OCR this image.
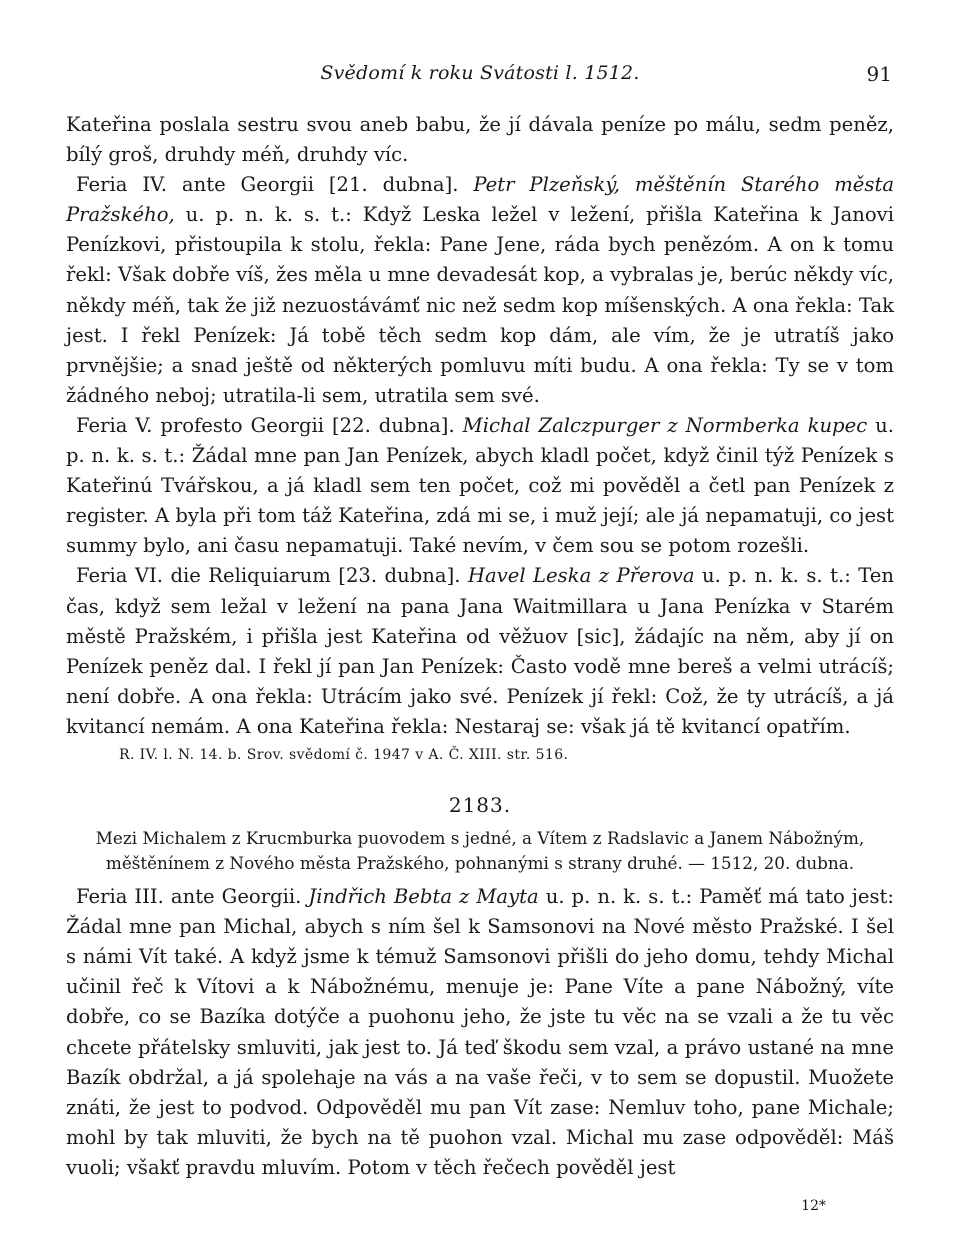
Svědomí k roku Svátosti l. 1512.	91

Kateřina poslala sestru svou aneb babu, že jí dávala peníze po málu, sedm peněz, bílý groš, druhdy méň, druhdy víc.

Feria IV. ante Georgii [21. dubna]. Petr Plzeňský, měštěnín Starého města Pražského, u. p. n. k. s. t.: Když Leska ležel v ležení, přišla Kateřina k Janovi Penízkovi, přistoupila k stolu, řekla: Pane Jene, ráda bych penězóm. A on k tomu řekl: Však dobře víš, žes měla u mne devadesát kop, a vybralas je, berúc někdy víc, někdy méň, tak že již nezuostávámť nic než sedm kop míšenských. A ona řekla: Tak jest. I řekl Penízek: Já tobě těch sedm kop dám, ale vím, že je utratíš jako prvnějšie; a snad ještě od některých pomluvu míti budu. A ona řekla: Ty se v tom žádného neboj; utratila-li sem, utratila sem své.

Feria V. profesto Georgii [22. dubna]. Michal Zalczpurger z Normberka kupec u. p. n. k. s. t.: Žádal mne pan Jan Penízek, abych kladl počet, když činil týž Penízek s Kateřinú Tvářskou, a já kladl sem ten počet, což mi pověděl a četl pan Penízek z register. A byla při tom táž Kateřina, zdá mi se, i muž její; ale já nepamatuji, co jest summy bylo, ani času nepamatuji. Také nevím, v čem sou se potom rozešli.

Feria VI. die Reliquiarum [23. dubna]. Havel Leska z Přerova u. p. n. k. s. t.: Ten čas, když sem ležal v ležení na pana Jana Waitmillara u Jana Penízka v Starém městě Pražském, i přišla jest Kateřina od věžuov [sic], žádajíc na něm, aby jí on Penízek peněz dal. I řekl jí pan Jan Penízek: Často vodě mne bereš a velmi utrácíš; není dobře. A ona řekla: Utrácím jako své. Penízek jí řekl: Což, že ty utrácíš, a já kvitancí nemám. A ona Kateřina řekla: Nestaraj se: však já tě kvitancí opatřím.

R. IV. l. N. 14. b. Srov. svědomí č. 1947 v A. Č. XIII. str. 516.
2183.
Mezi Michalem z Krucmburka puovodem s jedné, a Vítem z Radslavic a Janem Nábožným, měštěnínem z Nového města Pražského, pohnanými s strany druhé. — 1512, 20. dubna.

Feria III. ante Georgii. Jindřich Bebta z Mayta u. p. n. k. s. t.: Paměť má tato jest: Žádal mne pan Michal, abych s ním šel k Samsonovi na Nové město Pražské. I šel s námi Vít také. A když jsme k témuž Samsonovi přišli do jeho domu, tehdy Michal učinil řeč k Vítovi a k Nábožnému, menuje je: Pane Víte a pane Nábožný, víte dobře, co se Bazíka dotýče a puohonu jeho, že jste tu věc na se vzali a že tu věc chcete přátelsky smluviti, jak jest to. Já teď škodu sem vzal, a právo ustané na mne Bazík obdržal, a já spolehaje na vás a na vaše řeči, v to sem se dopustil. Muožete znáti, že jest to podvod. Odpověděl mu pan Vít zase: Nemluv toho, pane Michale; mohl by tak mluviti, že bych na tě puohon vzal. Michal mu zase odpověděl: Máš vuoli; všakť pravdu mluvím. Potom v těch řečech pověděl jest

12*
